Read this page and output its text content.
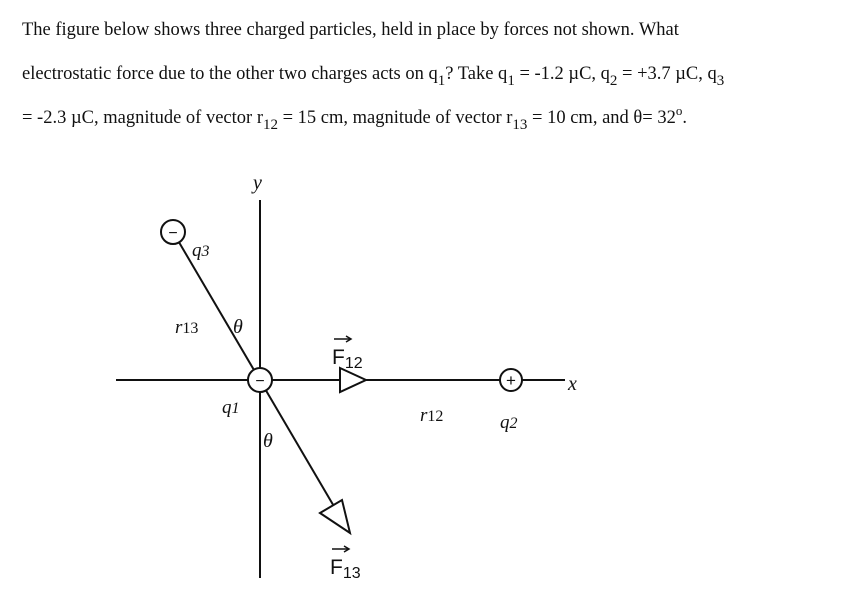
The figure below shows three charged particles, held in place by forces not shown. What
electrostatic force due to the other two charges acts on $q_1$? Take $q_1 = -1.2$ µC, $q_2 = +3.7$ µC, $q_3$
= -2.3 µC, magnitude of vector $r_{12} = 15$ cm, magnitude of vector $r_{13} = 10$ cm, and $\theta= 32^o$.
y
x
−
q3
−
q1
+
q2
r13
r12
θ
θ
F12
F13
